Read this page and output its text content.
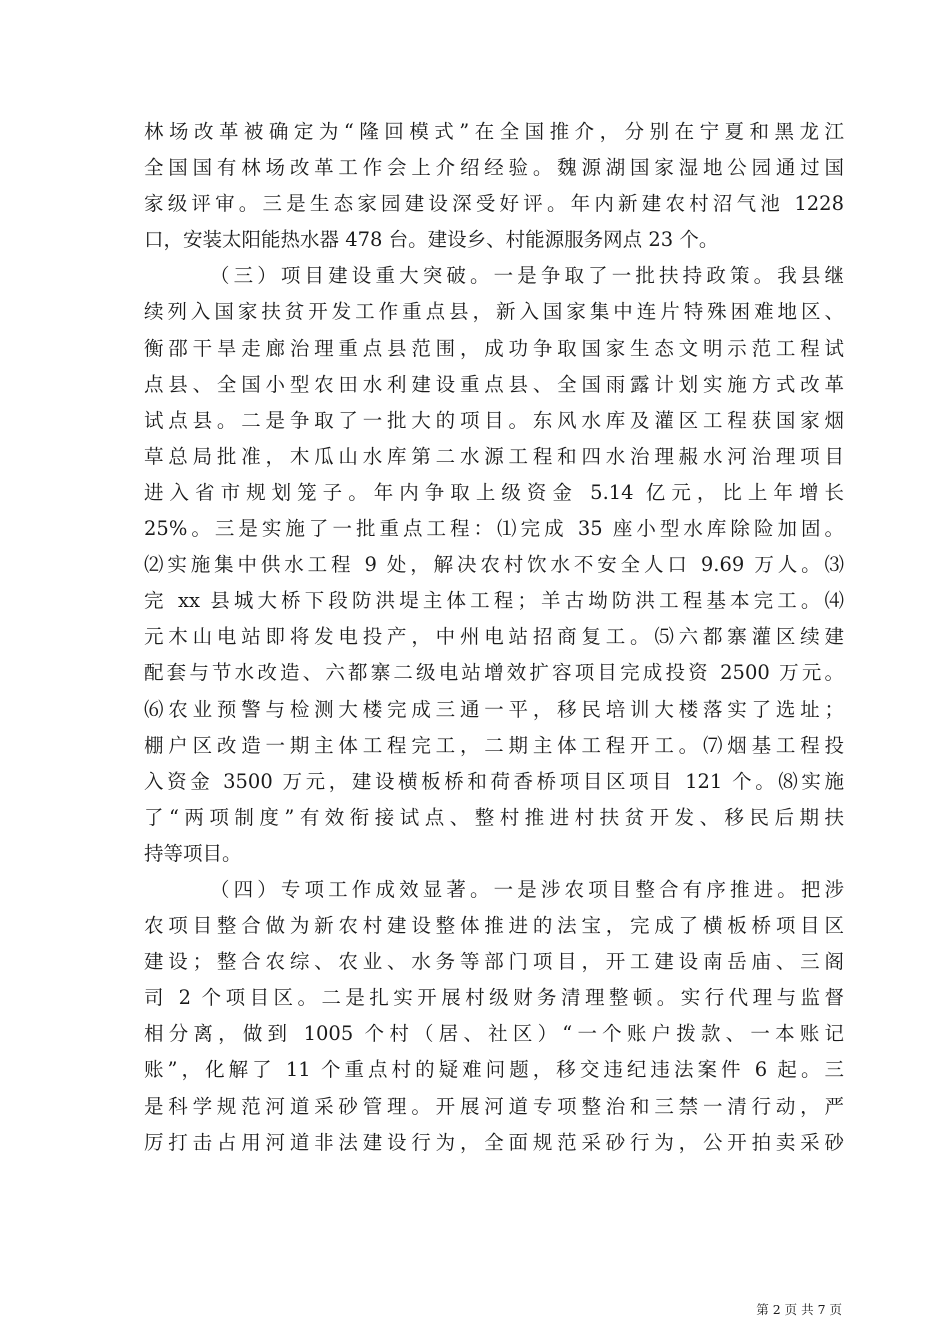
林场改革被确定为“隆回模式”在全国推介，分别在宁夏和黑龙江
全国国有林场改革工作会上介绍经验。魏源湖国家湿地公园通过国
家级评审。三是生态家园建设深受好评。年内新建农村沼气池 1228
口，安装太阳能热水器 478 台。建设乡、村能源服务网点 23 个。
（三）项目建设重大突破。一是争取了一批扶持政策。我县继
续列入国家扶贫开发工作重点县，新入国家集中连片特殊困难地区、
衡邵干旱走廊治理重点县范围，成功争取国家生态文明示范工程试
点县、全国小型农田水利建设重点县、全国雨露计划实施方式改革
试点县。二是争取了一批大的项目。东风水库及灌区工程获国家烟
草总局批准，木瓜山水库第二水源工程和四水治理赧水河治理项目
进入省市规划笼子。年内争取上级资金 5.14 亿元，比上年增长
25%。三是实施了一批重点工程：⑴完成 35 座小型水库除险加固。
⑵实施集中供水工程 9 处，解决农村饮水不安全人口 9.69 万人。⑶
完 xx 县城大桥下段防洪堤主体工程；羊古坳防洪工程基本完工。⑷
元木山电站即将发电投产，中州电站招商复工。⑸六都寨灌区续建
配套与节水改造、六都寨二级电站增效扩容项目完成投资 2500 万元。
⑹农业预警与检测大楼完成三通一平，移民培训大楼落实了选址；
棚户区改造一期主体工程完工，二期主体工程开工。⑺烟基工程投
入资金 3500 万元，建设横板桥和荷香桥项目区项目 121 个。⑻实施
了“两项制度”有效衔接试点、整村推进村扶贫开发、移民后期扶
持等项目。
（四）专项工作成效显著。一是涉农项目整合有序推进。把涉
农项目整合做为新农村建设整体推进的法宝，完成了横板桥项目区
建设；整合农综、农业、水务等部门项目，开工建设南岳庙、三阁
司 2 个项目区。二是扎实开展村级财务清理整顿。实行代理与监督
相分离，做到 1005 个村（居、社区）“一个账户拨款、一本账记
账”，化解了 11 个重点村的疑难问题，移交违纪违法案件 6 起。三
是科学规范河道采砂管理。开展河道专项整治和三禁一清行动，严
厉打击占用河道非法建设行为，全面规范采砂行为，公开拍卖采砂
第 2 页 共 7 页
